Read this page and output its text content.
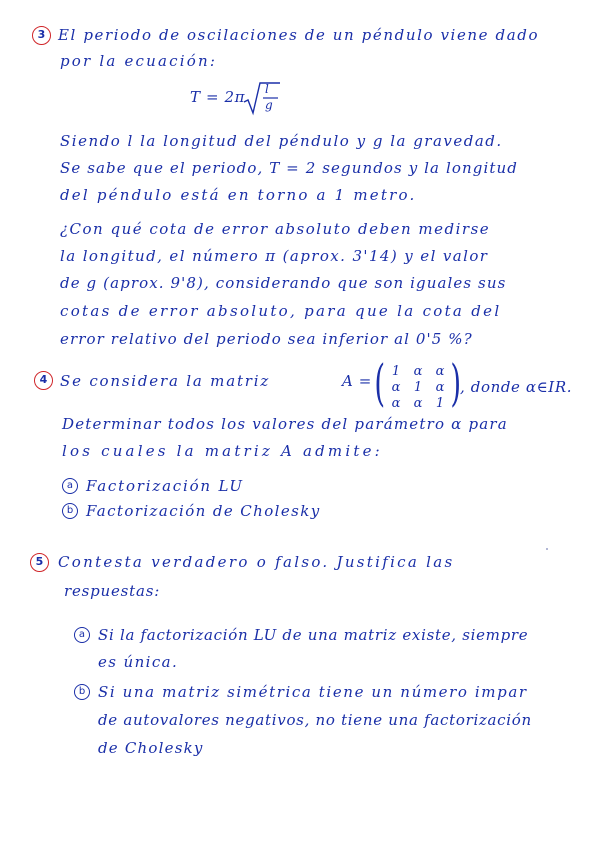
3 El periodo de oscilaciones de un péndulo viene dado
por la ecuación:
T = 2π l
g
Siendo l la longitud del péndulo y g la gravedad.
Se sabe que el periodo, T = 2 segundos y la longitud
del péndulo está en torno a 1 metro.
¿Con qué cota de error absoluto deben medirse
la longitud, el número π (aprox. 3'14) y el valor
de g (aprox. 9'8), considerando que son iguales sus
cotas de error absoluto, para que la cota del
error relativo del periodo sea inferior al 0'5 %?
4 Se considera la matriz	A = ( 1 α α
α 1 α
α α 1 )
, donde α∈IR.
Determinar todos los valores del parámetro α para
los cuales la matriz A admite:
a Factorización LU
b Factorización de Cholesky
5 Contesta verdadero o falso. Justifica las
respuestas:
a Si la factorización LU de una matriz existe, siempre
es única.
b Si una matriz simétrica tiene un número impar
de autovalores negativos, no tiene una factorización
de Cholesky
